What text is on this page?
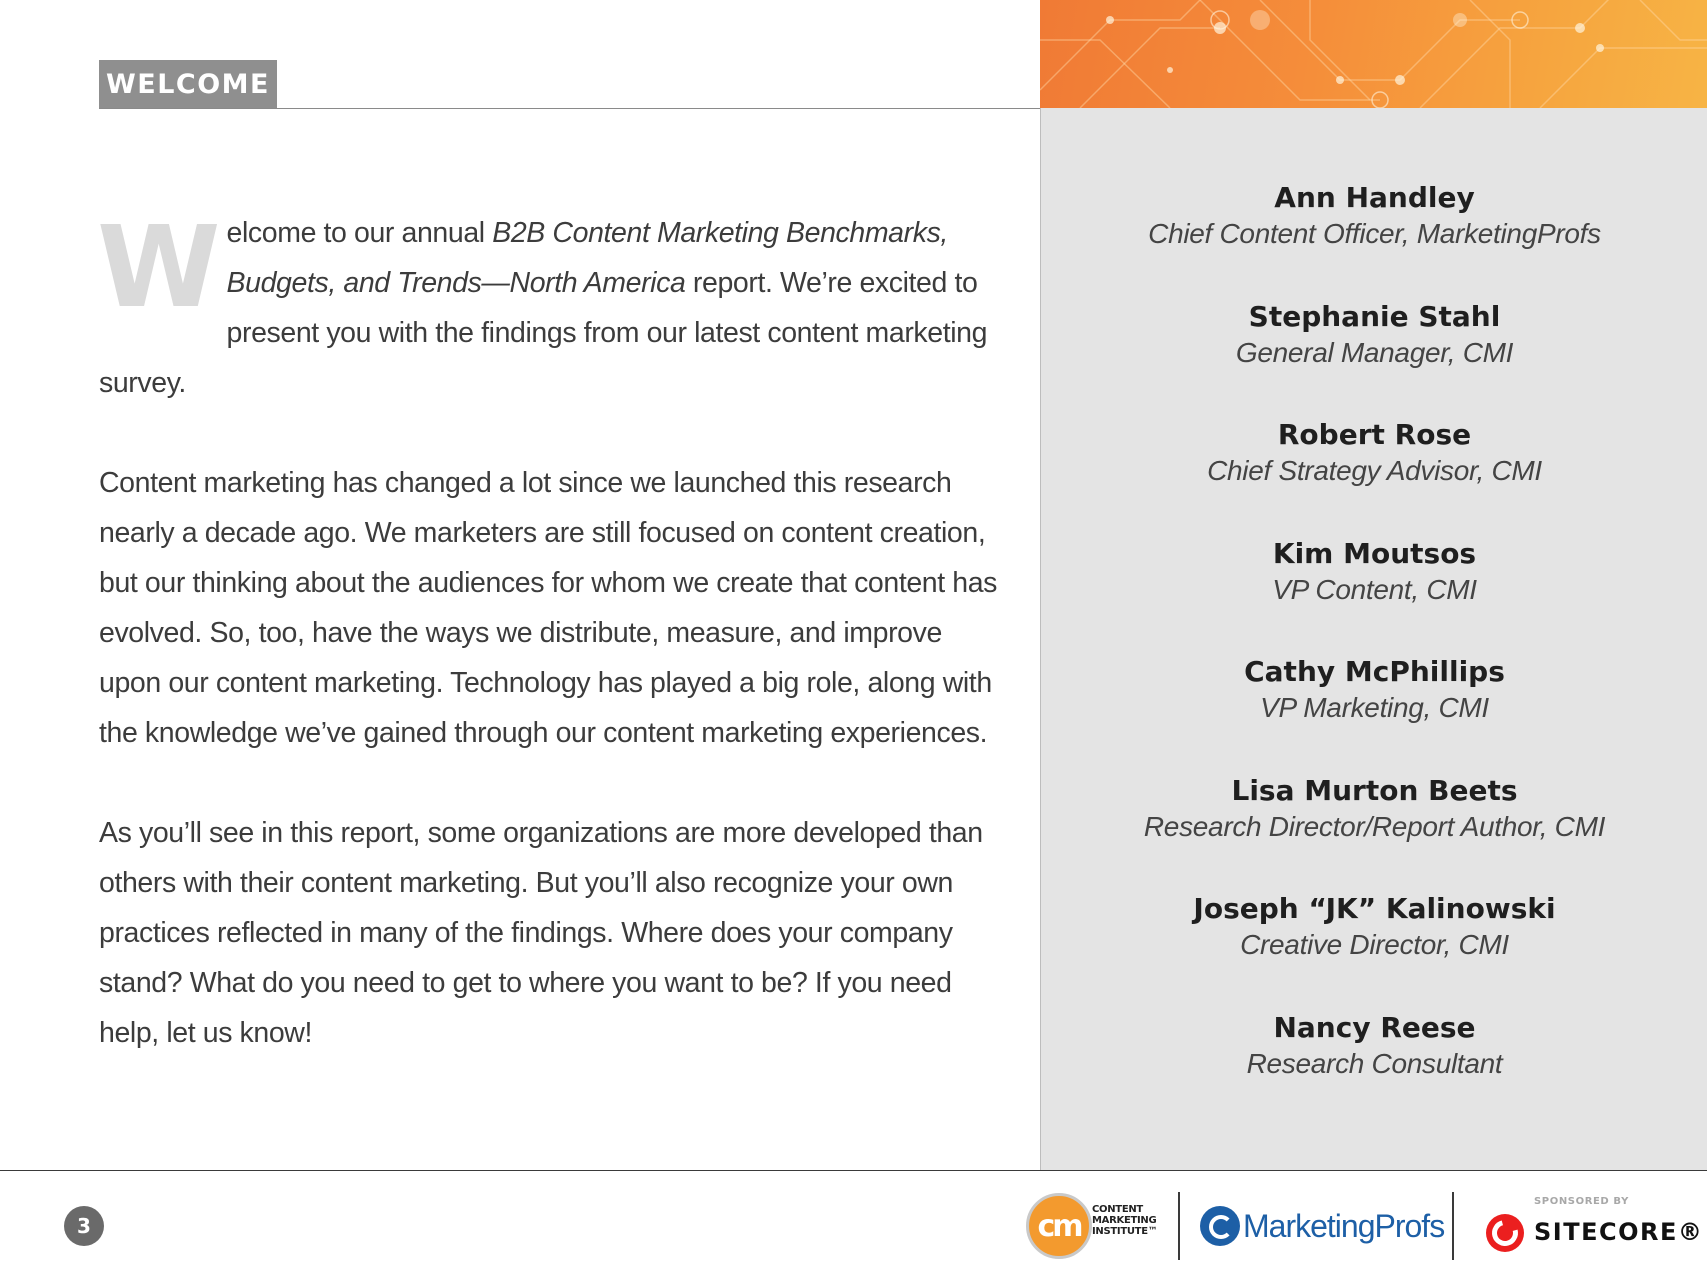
WELCOME

Welcome to our annual B2B Content Marketing Benchmarks, Budgets, and Trends—North America report. We’re excited to present you with the findings from our latest content marketing survey.

Content marketing has changed a lot since we launched this research nearly a decade ago. We marketers are still focused on content creation, but our thinking about the audiences for whom we create that content has evolved. So, too, have the ways we distribute, measure, and improve upon our content marketing. Technology has played a big role, along with the knowledge we’ve gained through our content marketing experiences.

As you’ll see in this report, some organizations are more developed than others with their content marketing. But you’ll also recognize your own practices reflected in many of the findings. Where does your company stand? What do you need to get to where you want to be? If you need help, let us know!

Ann Handley
Chief Content Officer, MarketingProfs
Stephanie Stahl
General Manager, CMI
Robert Rose
Chief Strategy Advisor, CMI
Kim Moutsos
VP Content, CMI
Cathy McPhillips
VP Marketing, CMI
Lisa Murton Beets
Research Director/Report Author, CMI
Joseph “JK” Kalinowski
Creative Director, CMI
Nancy Reese
Research Consultant
3	cm CONTENT
MARKETING
INSTITUTE™	MarketingProfs
SPONSORED BY
SITECORE®
